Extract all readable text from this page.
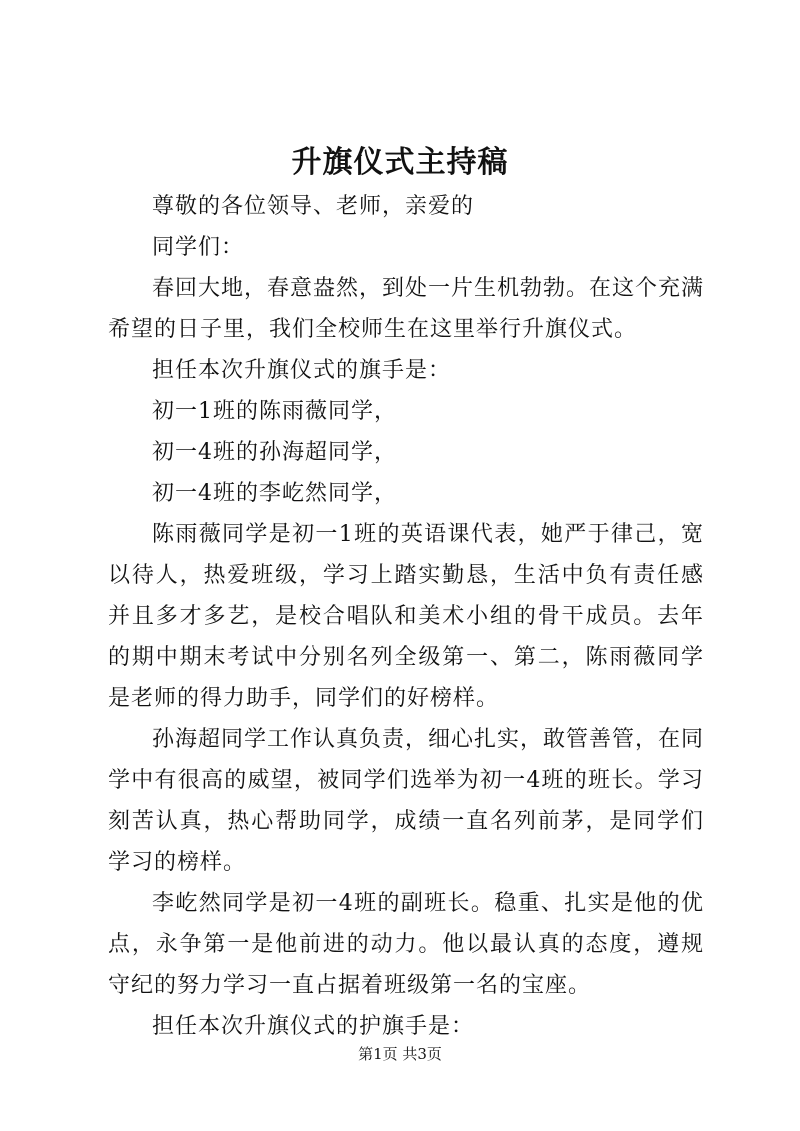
升旗仪式主持稿

尊敬的各位领导、老师，亲爱的

同学们：

春回大地，春意盎然，到处一片生机勃勃。在这个充满希望的日子里，我们全校师生在这里举行升旗仪式。

担任本次升旗仪式的旗手是：

初一1班的陈雨薇同学，

初一4班的孙海超同学，

初一4班的李屹然同学，

陈雨薇同学是初一1班的英语课代表，她严于律己，宽以待人，热爱班级，学习上踏实勤恳，生活中负有责任感并且多才多艺，是校合唱队和美术小组的骨干成员。去年的期中期末考试中分别名列全级第一、第二，陈雨薇同学是老师的得力助手，同学们的好榜样。

孙海超同学工作认真负责，细心扎实，敢管善管，在同学中有很高的威望，被同学们选举为初一4班的班长。学习刻苦认真，热心帮助同学，成绩一直名列前茅，是同学们学习的榜样。

李屹然同学是初一4班的副班长。稳重、扎实是他的优点，永争第一是他前进的动力。他以最认真的态度，遵规守纪的努力学习一直占据着班级第一名的宝座。

担任本次升旗仪式的护旗手是：

第1页 共3页
